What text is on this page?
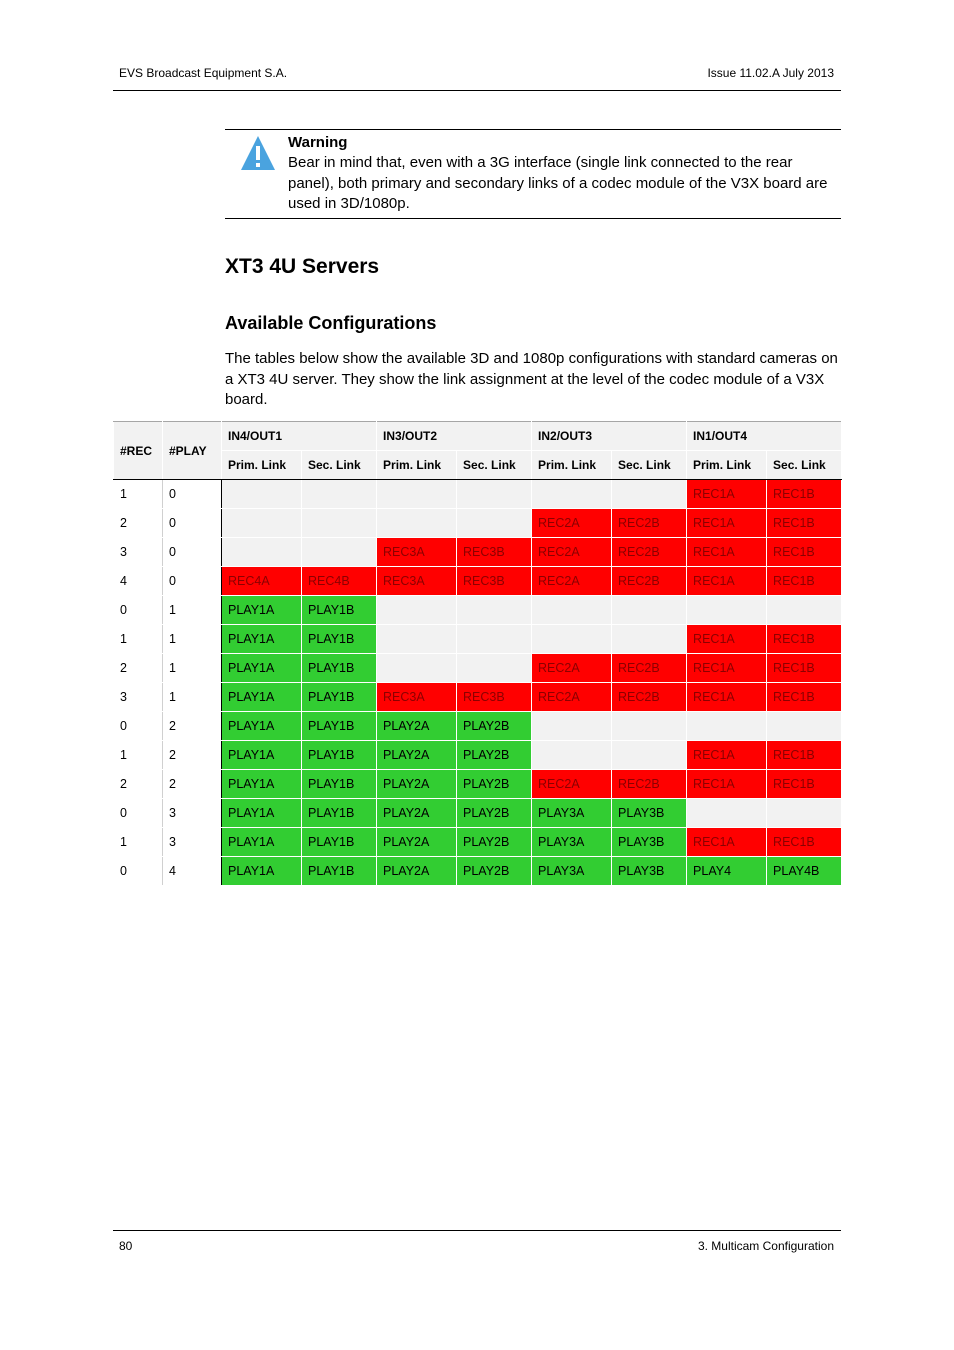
EVS Broadcast Equipment S.A.	Issue 11.02.A July 2013
Warning
Bear in mind that, even with a 3G interface (single link connected to the rear panel), both primary and secondary links of a codec module of the V3X board are used in 3D/1080p.
XT3 4U Servers
Available Configurations
The tables below show the available 3D and 1080p configurations with standard cameras on a XT3 4U server. They show the link assignment at the level of the codec module of a V3X board.
#REC	#PLAY	IN4/OUT1		IN3/OUT2		IN2/OUT3		IN1/OUT4	
		Prim. Link	Sec. Link	Prim. Link	Sec. Link	Prim. Link	Sec. Link	Prim. Link	Sec. Link
1	0							REC1A	REC1B
2	0					REC2A	REC2B	REC1A	REC1B
3	0			REC3A	REC3B	REC2A	REC2B	REC1A	REC1B
4	0	REC4A	REC4B	REC3A	REC3B	REC2A	REC2B	REC1A	REC1B
0	1	PLAY1A	PLAY1B						
1	1	PLAY1A	PLAY1B					REC1A	REC1B
2	1	PLAY1A	PLAY1B			REC2A	REC2B	REC1A	REC1B
3	1	PLAY1A	PLAY1B	REC3A	REC3B	REC2A	REC2B	REC1A	REC1B
0	2	PLAY1A	PLAY1B	PLAY2A	PLAY2B				
1	2	PLAY1A	PLAY1B	PLAY2A	PLAY2B			REC1A	REC1B
2	2	PLAY1A	PLAY1B	PLAY2A	PLAY2B	REC2A	REC2B	REC1A	REC1B
0	3	PLAY1A	PLAY1B	PLAY2A	PLAY2B	PLAY3A	PLAY3B		
1	3	PLAY1A	PLAY1B	PLAY2A	PLAY2B	PLAY3A	PLAY3B	REC1A	REC1B
0	4	PLAY1A	PLAY1B	PLAY2A	PLAY2B	PLAY3A	PLAY3B	PLAY4	PLAY4B
80	3. Multicam Configuration
